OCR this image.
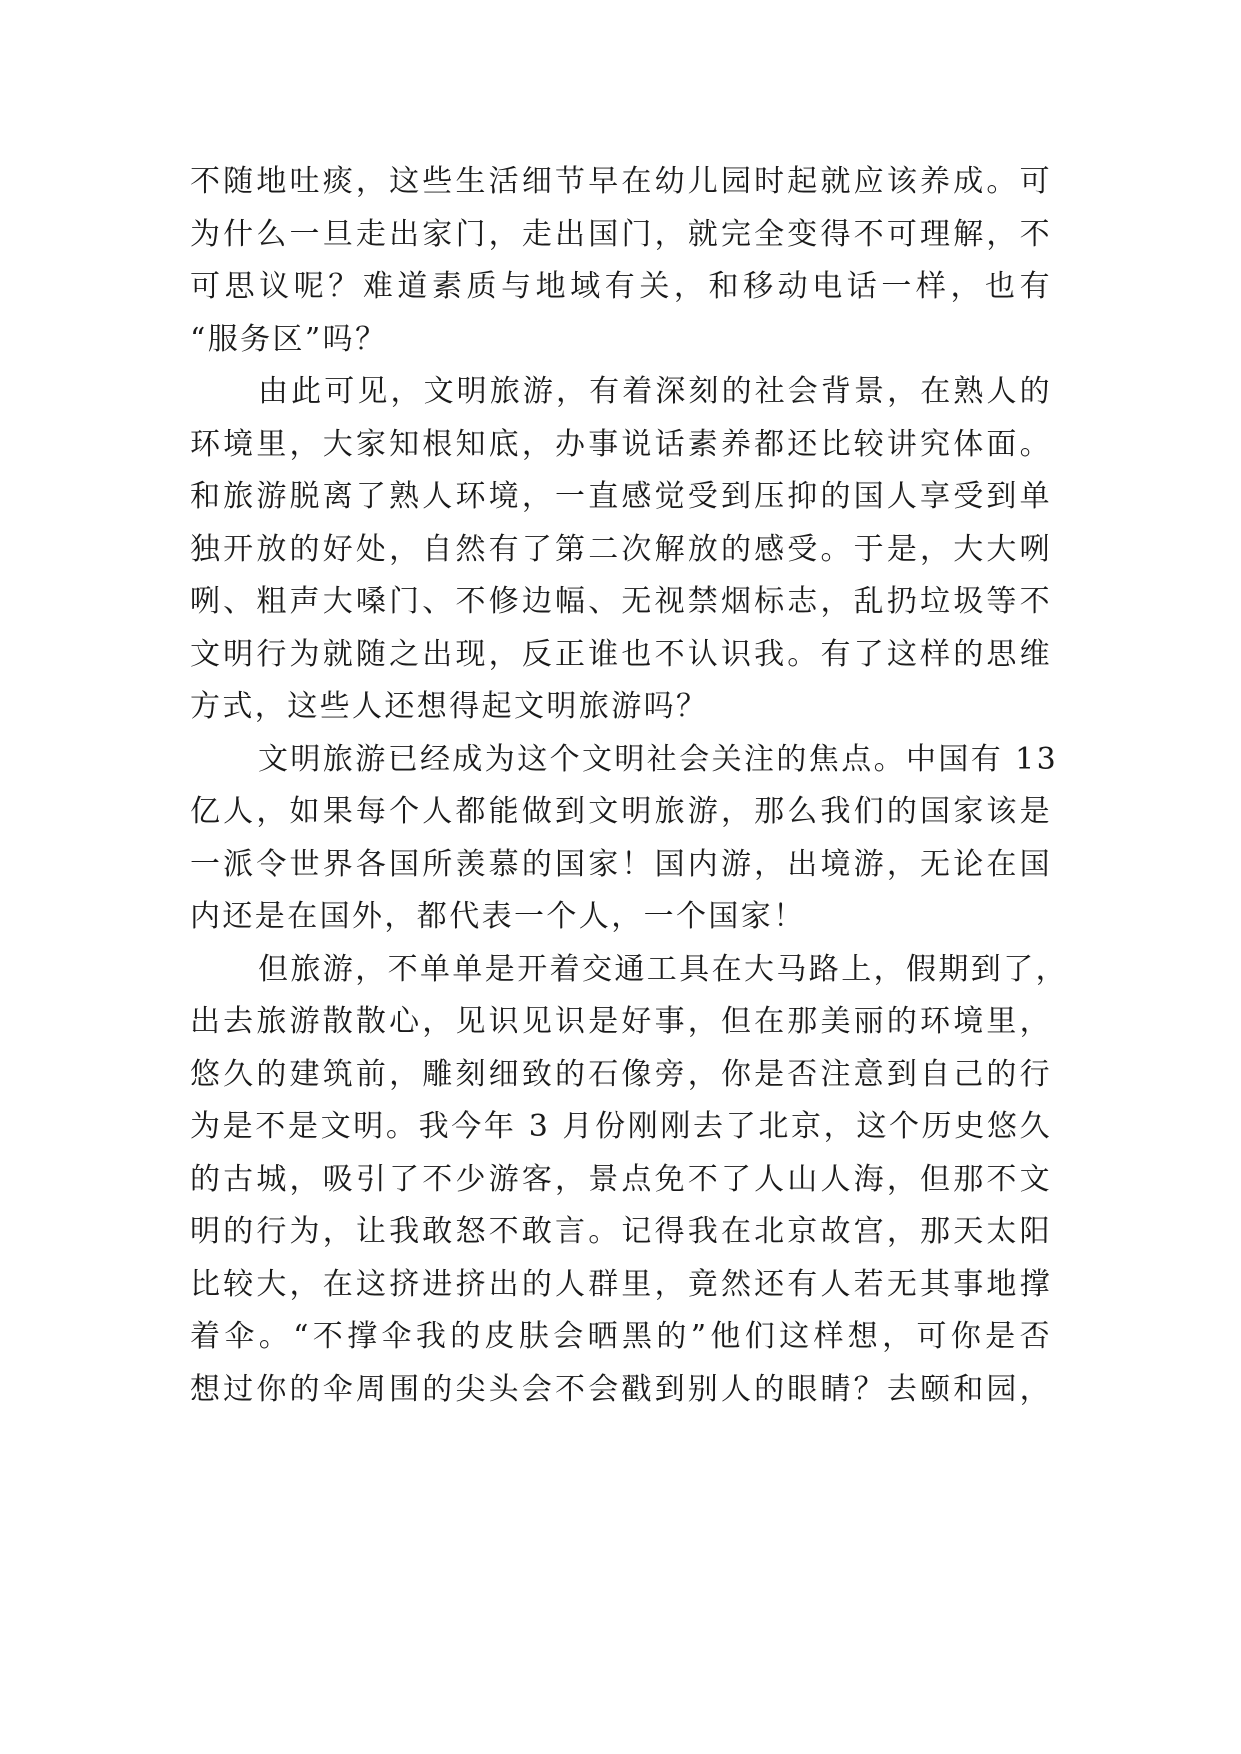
不随地吐痰，这些生活细节早在幼儿园时起就应该养成。可
为什么一旦走出家门，走出国门，就完全变得不可理解，不
可思议呢？难道素质与地域有关，和移动电话一样，也有
“服务区”吗？
由此可见，文明旅游，有着深刻的社会背景，在熟人的
环境里，大家知根知底，办事说话素养都还比较讲究体面。
和旅游脱离了熟人环境，一直感觉受到压抑的国人享受到单
独开放的好处，自然有了第二次解放的感受。于是，大大咧
咧、粗声大嗓门、不修边幅、无视禁烟标志，乱扔垃圾等不
文明行为就随之出现，反正谁也不认识我。有了这样的思维
方式，这些人还想得起文明旅游吗？
文明旅游已经成为这个文明社会关注的焦点。中国有 13
亿人，如果每个人都能做到文明旅游，那么我们的国家该是
一派令世界各国所羡慕的国家！国内游，出境游，无论在国
内还是在国外，都代表一个人，一个国家！
但旅游，不单单是开着交通工具在大马路上，假期到了，
出去旅游散散心，见识见识是好事，但在那美丽的环境里，
悠久的建筑前，雕刻细致的石像旁，你是否注意到自己的行
为是不是文明。我今年 3 月份刚刚去了北京，这个历史悠久
的古城，吸引了不少游客，景点免不了人山人海，但那不文
明的行为，让我敢怒不敢言。记得我在北京故宫，那天太阳
比较大，在这挤进挤出的人群里，竟然还有人若无其事地撑
着伞。“不撑伞我的皮肤会晒黑的”他们这样想，可你是否
想过你的伞周围的尖头会不会戳到别人的眼睛？去颐和园，
